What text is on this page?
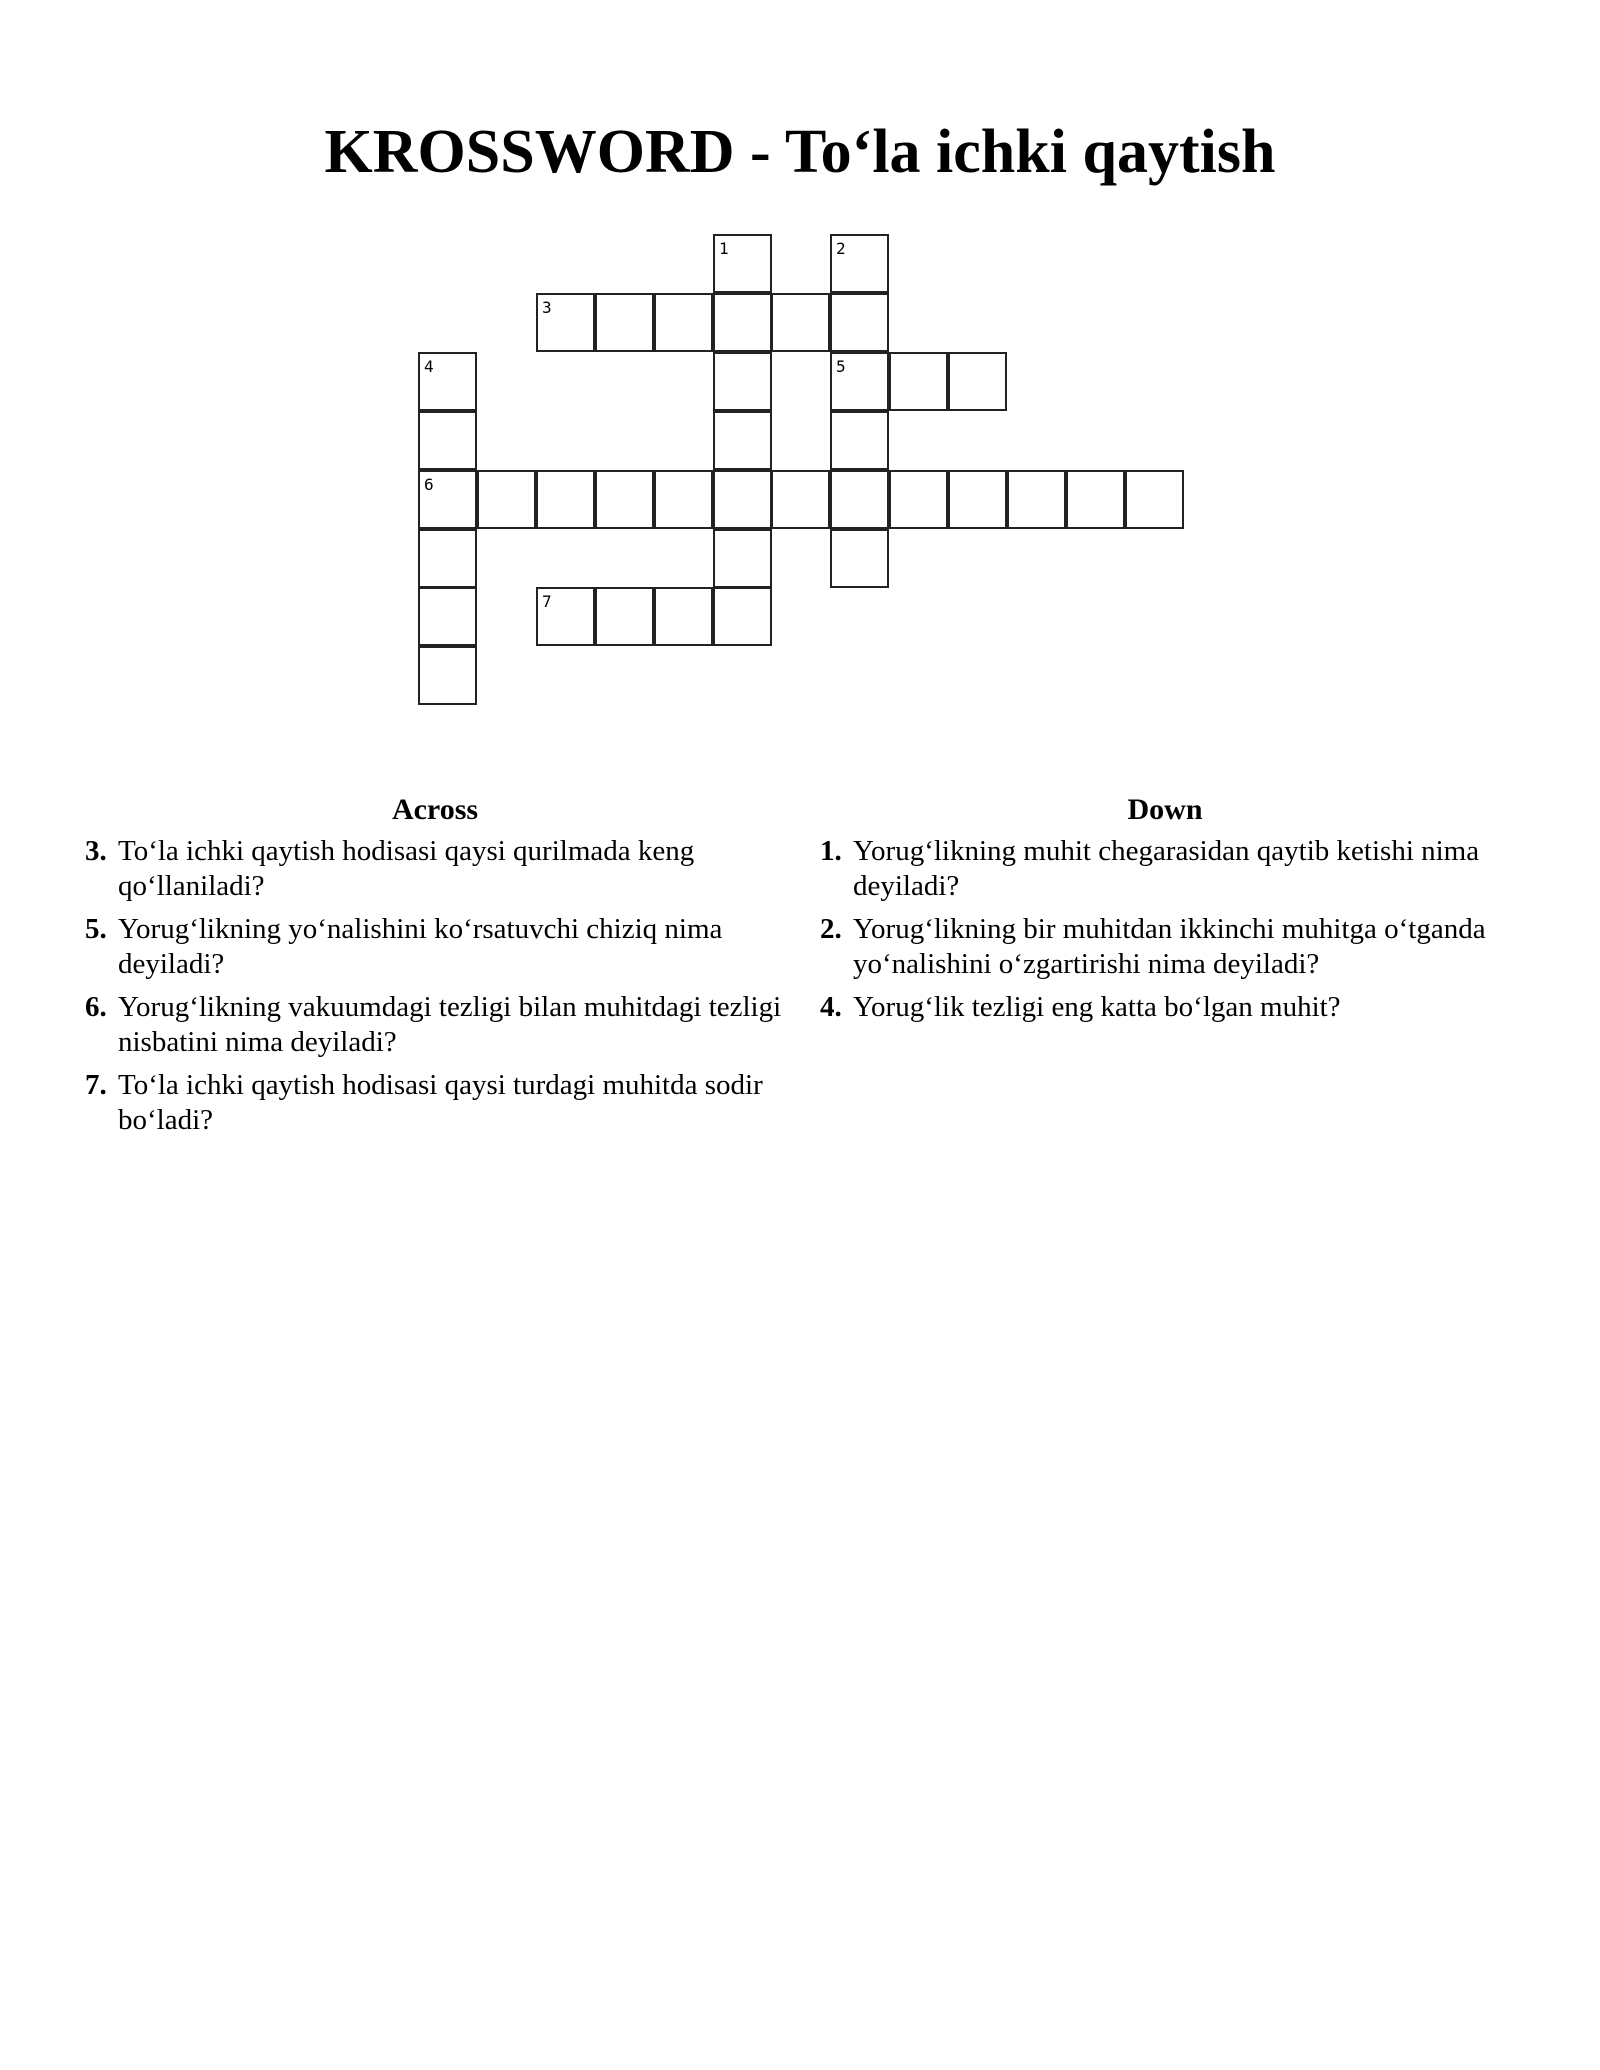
KROSSWORD - To‘la ichki qaytish
1	2
5
3
4
6
7
Across
3. To‘la ichki qaytish hodisasi qaysi qurilmada keng qo‘llaniladi?
5. Yorug‘likning yo‘nalishini ko‘rsatuvchi chiziq nima deyiladi?
6. Yorug‘likning vakuumdagi tezligi bilan muhitdagi tezligi nisbatini nima deyiladi?
7. To‘la ichki qaytish hodisasi qaysi turdagi muhitda sodir bo‘ladi?
Down
1. Yorug‘likning muhit chegarasidan qaytib ketishi nima deyiladi?
2. Yorug‘likning bir muhitdan ikkinchi muhitga o‘tganda yo‘nalishini o‘zgartirishi nima deyiladi?
4. Yorug‘lik tezligi eng katta bo‘lgan muhit?
